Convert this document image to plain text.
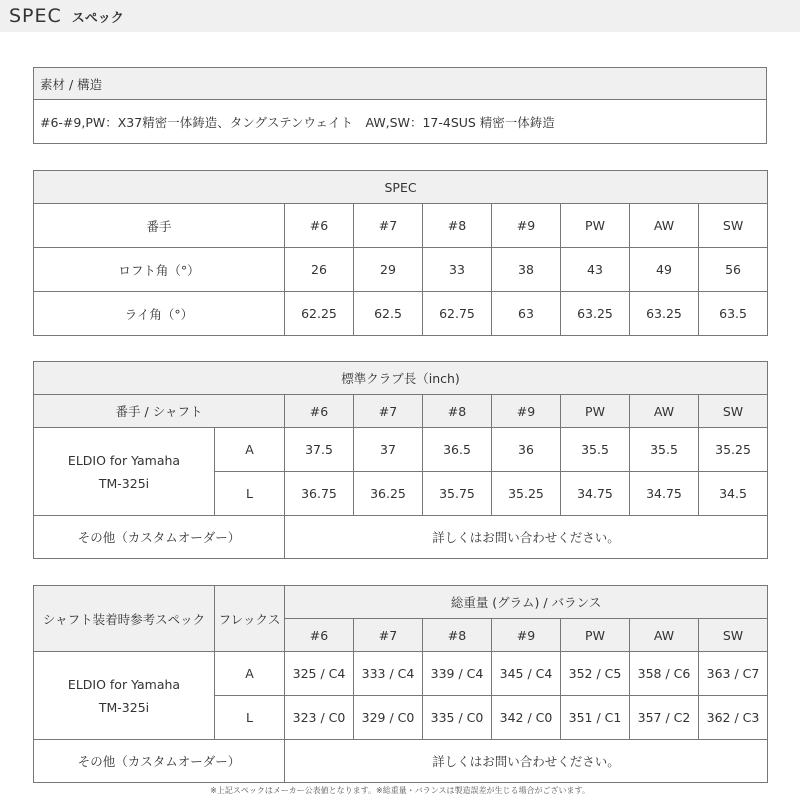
SPEC スペック
素材 / 構造
#6-#9,PW：X37精密一体鋳造、タングステンウェイト　AW,SW：17-4SUS 精密一体鋳造
SPEC							
番手	#6	#7	#8	#9	PW	AW	SW
ロフト角（°）	26	29	33	38	43	49	56
ライ角（°）	62.25	62.5	62.75	63	63.25	63.25	63.5
標準クラブ長（inch)								
番手 / シャフト		#6	#7	#8	#9	PW	AW	SW
ELDIO for Yamaha
TM-325i	A	37.5	37	36.5	36	35.5	35.5	35.25
	L	36.75	36.25	35.75	35.25	34.75	34.75	34.5
その他（カスタムオーダー）		詳しくはお問い合わせください。						
シャフト装着時参考スペック	フレックス	総重量 (グラム) / バランス						
		#6	#7	#8	#9	PW	AW	SW
ELDIO for Yamaha
TM-325i	A	325 / C4	333 / C4	339 / C4	345 / C4	352 / C5	358 / C6	363 / C7
	L	323 / C0	329 / C0	335 / C0	342 / C0	351 / C1	357 / C2	362 / C3
その他（カスタムオーダー）		詳しくはお問い合わせください。						
※上記スペックはメーカー公表値となります。※総重量・バランスは製造誤差が生じる場合がございます。
